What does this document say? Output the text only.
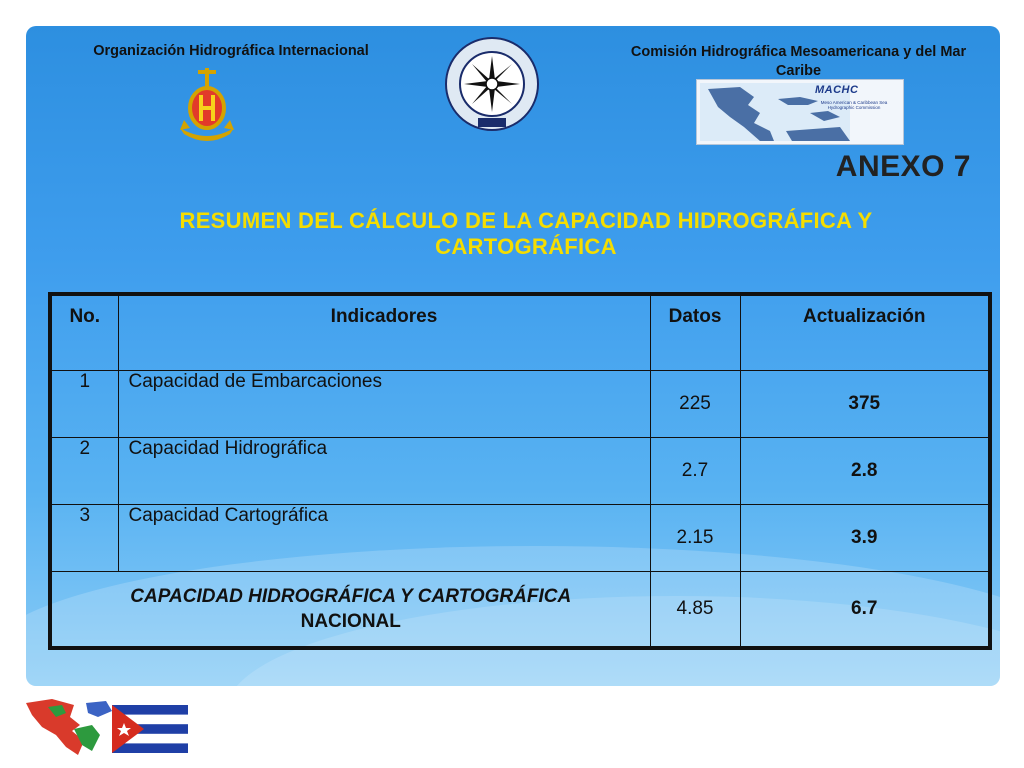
Organización Hidrográfica Internacional	Comisión Hidrográfica Mesoamericana y del Mar Caribe
MACHC
Meso American & Caribbean Sea Hydrographic Commission
ANEXO 7
RESUMEN DEL CÁLCULO DE LA CAPACIDAD HIDROGRÁFICA Y CARTOGRÁFICA
No.	Indicadores	Datos	Actualización
1	Capacidad de Embarcaciones	225	375
2	Capacidad Hidrográfica	2.7	2.8
3	Capacidad Cartográfica	2.15	3.9

CAPACIDAD HIDROGRÁFICA Y CARTOGRÁFICA
NACIONAL		4.85	6.7
